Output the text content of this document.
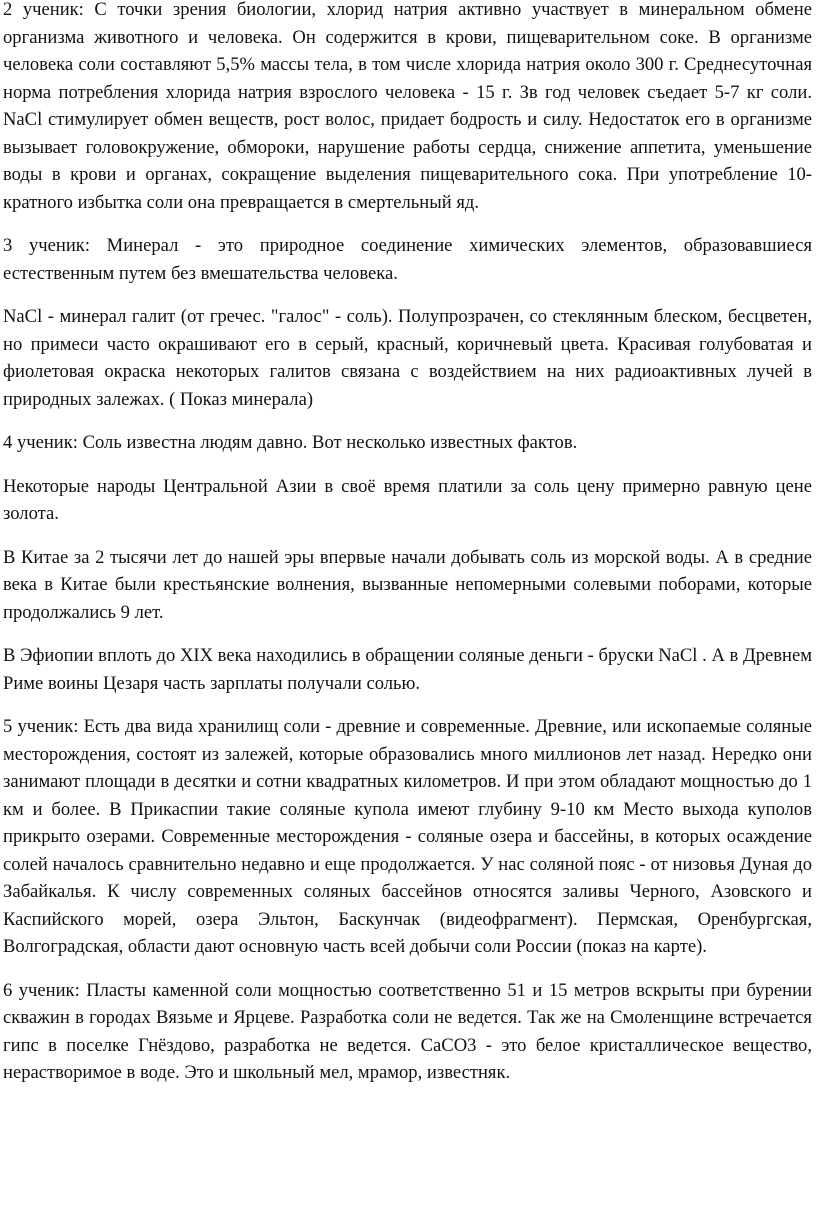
2 ученик: С точки зрения биологии, хлорид натрия активно участвует в минеральном обмене организма животного и человека. Он содержится в крови, пищеварительном соке. В организме человека соли составляют 5,5% массы тела, в том числе хлорида натрия около 300 г. Среднесуточная норма потребления хлорида натрия взрослого человека - 15 г. Зв год человек съедает 5-7 кг соли. NaCl стимулирует обмен веществ, рост волос, придает бодрость и силу. Недостаток его в организме вызывает головокружение, обмороки, нарушение работы сердца, снижение аппетита, уменьшение воды в крови и органах, сокращение выделения пищеварительного сока. При употребление 10-кратного избытка соли она превращается в смертельный яд.

3 ученик: Минерал - это природное соединение химических элементов, образовавшиеся естественным путем без вмешательства человека.

NaCl - минерал галит (от гречес. "галос" - соль). Полупрозрачен, со стеклянным блеском, бесцветен, но примеси часто окрашивают его в серый, красный, коричневый цвета. Красивая голубоватая и фиолетовая окраска некоторых галитов связана с воздействием на них радиоактивных лучей в природных залежах. ( Показ минерала)

4 ученик: Соль известна людям давно. Вот несколько известных фактов.

Некоторые народы Центральной Азии в своё время платили за соль цену примерно равную цене золота.

В Китае за 2 тысячи лет до нашей эры впервые начали добывать соль из морской воды. А в средние века в Китае были крестьянские волнения, вызванные непомерными солевыми поборами, которые продолжались 9 лет.

В Эфиопии вплоть до XIX века находились в обращении соляные деньги - бруски NaCl . А в Древнем Риме воины Цезаря часть зарплаты получали солью.

5 ученик: Есть два вида хранилищ соли - древние и современные. Древние, или ископаемые соляные месторождения, состоят из залежей, которые образовались много миллионов лет назад. Нередко они занимают площади в десятки и сотни квадратных километров. И при этом обладают мощностью до 1 км и более. В Прикаспии такие соляные купола имеют глубину 9-10 км Место выхода куполов прикрыто озерами. Современные месторождения - соляные озера и бассейны, в которых осаждение солей началось сравнительно недавно и еще продолжается. У нас соляной пояс - от низовья Дуная до Забайкалья. К числу современных соляных бассейнов относятся заливы Черного, Азовского и Каспийского морей, озера Эльтон, Баскунчак (видеофрагмент). Пермская, Оренбургская, Волгоградская, области дают основную часть всей добычи соли России (показ на карте).

6 ученик: Пласты каменной соли мощностью соответственно 51 и 15 метров вскрыты при бурении скважин в городах Вязьме и Ярцеве. Разработка соли не ведется. Так же на Смоленщине встречается гипс в поселке Гнёздово, разработка не ведется. СаСО3 - это белое кристаллическое вещество, нерастворимое в воде. Это и школьный мел, мрамор, известняк.
